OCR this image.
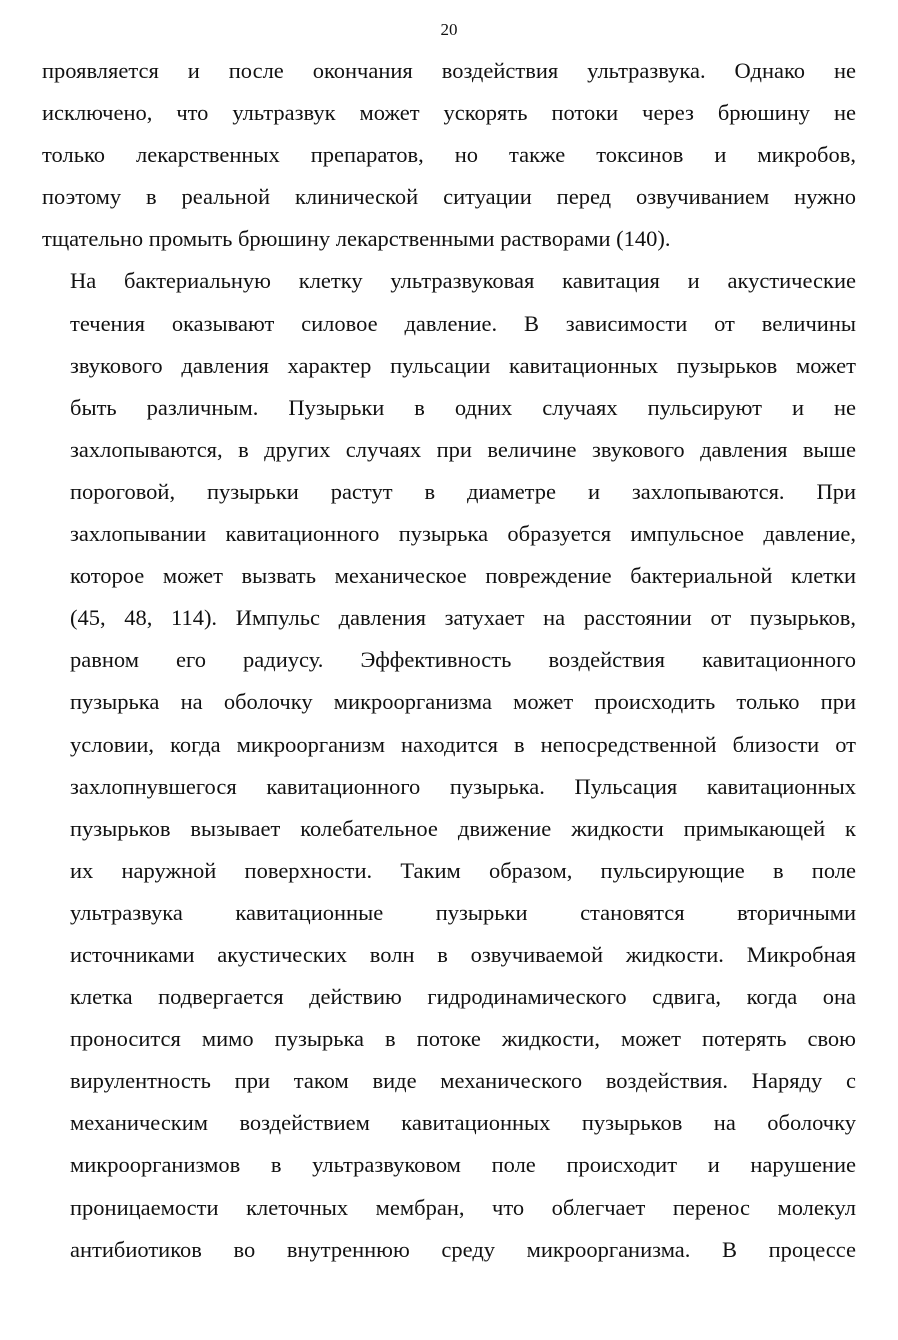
20
проявляется и после окончания воздействия ультразвука. Однако не
исключено, что ультразвук может ускорять потоки через брюшину не
только лекарственных препаратов, но также токсинов и микробов,
поэтому в реальной клинической ситуации перед озвучиванием нужно
тщательно промыть брюшину лекарственными растворами (140).
На бактериальную клетку ультразвуковая кавитация и акустические
течения оказывают силовое давление. В зависимости от величины
звукового давления характер пульсации кавитационных пузырьков может
быть различным. Пузырьки в одних случаях пульсируют и не
захлопываются, в других случаях при величине звукового давления выше
пороговой, пузырьки растут в диаметре и захлопываются. При
захлопывании кавитационного пузырька образуется импульсное давление,
которое может вызвать механическое повреждение бактериальной клетки
(45, 48, 114). Импульс давления затухает на расстоянии от пузырьков,
равном его радиусу. Эффективность воздействия кавитационного
пузырька на оболочку микроорганизма может происходить только при
условии, когда микроорганизм находится в непосредственной близости от
захлопнувшегося кавитационного пузырька. Пульсация кавитационных
пузырьков вызывает колебательное движение жидкости примыкающей к
их наружной поверхности. Таким образом, пульсирующие в поле
ультразвука кавитационные пузырьки становятся вторичными
источниками акустических волн в озвучиваемой жидкости. Микробная
клетка подвергается действию гидродинамического сдвига, когда она
проносится мимо пузырька в потоке жидкости, может потерять свою
вирулентность при таком виде механического воздействия. Наряду с
механическим воздействием кавитационных пузырьков на оболочку
микроорганизмов в ультразвуковом поле происходит и нарушение
проницаемости клеточных мембран, что облегчает перенос молекул
антибиотиков во внутреннюю среду микроорганизма. В процессе
